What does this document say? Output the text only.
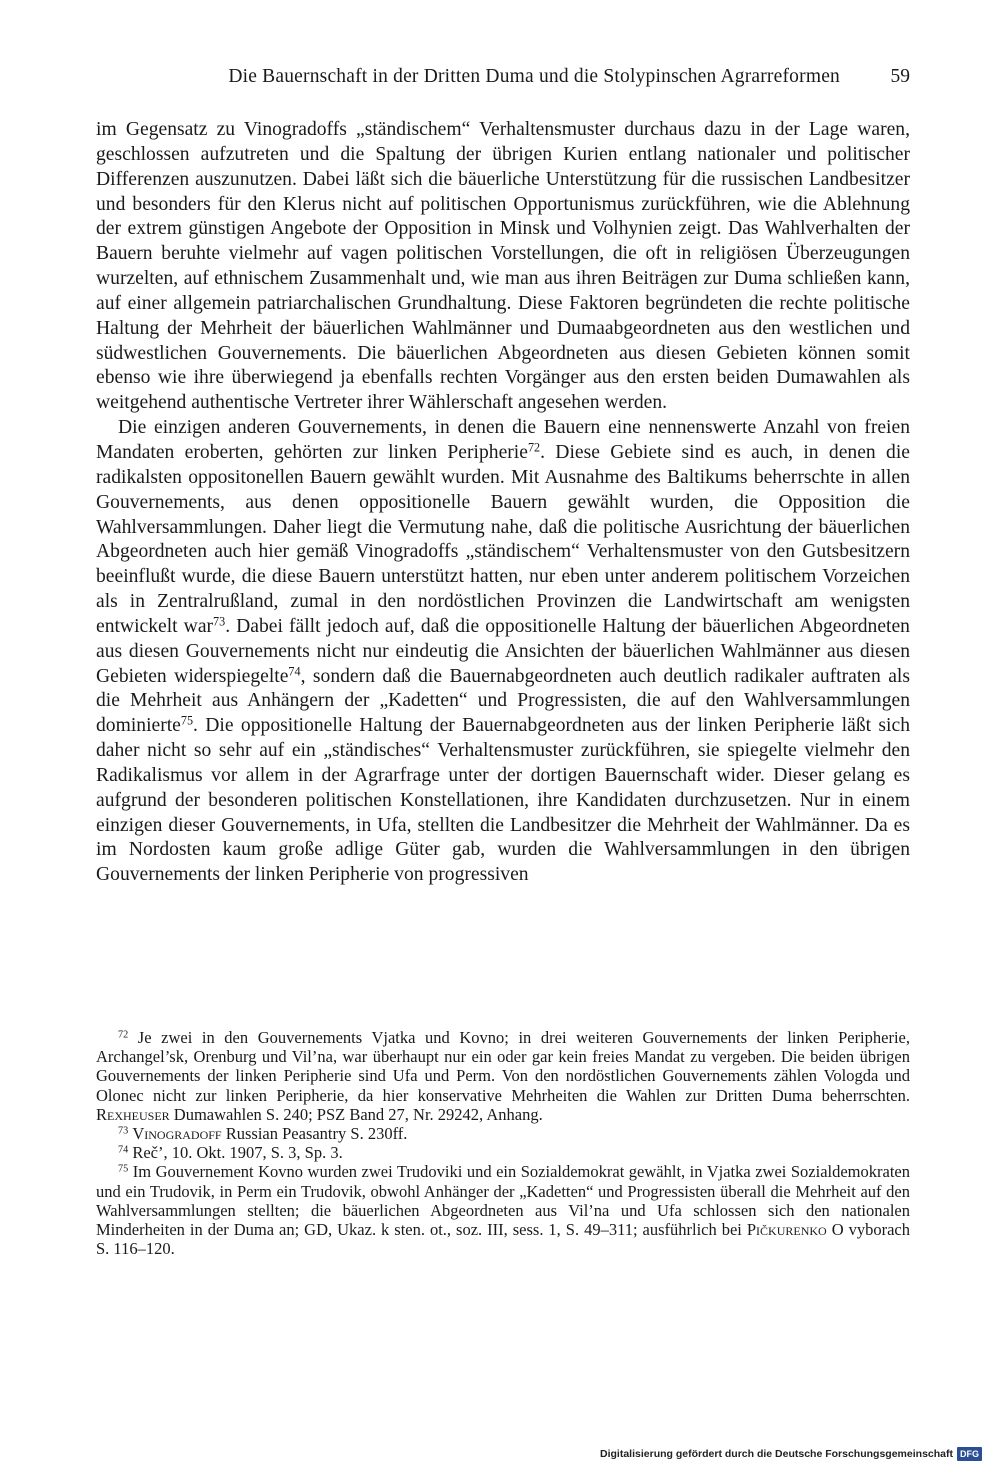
Die Bauernschaft in der Dritten Duma und die Stolypinschen Agrarreformen	59

im Gegensatz zu Vinogradoffs „ständischem“ Verhaltensmuster durchaus dazu in der Lage waren, geschlossen aufzutreten und die Spaltung der übrigen Kurien entlang nationaler und politischer Differenzen auszunutzen. Dabei läßt sich die bäuerliche Unterstützung für die russischen Landbesitzer und besonders für den Klerus nicht auf politischen Opportunismus zurückführen, wie die Ablehnung der extrem günstigen Angebote der Opposition in Minsk und Volhynien zeigt. Das Wahlverhalten der Bauern beruhte vielmehr auf vagen politischen Vorstellungen, die oft in religiösen Überzeugungen wurzelten, auf ethnischem Zusammenhalt und, wie man aus ihren Beiträgen zur Duma schließen kann, auf einer allgemein patriarchalischen Grundhaltung. Diese Faktoren begründeten die rechte politische Haltung der Mehrheit der bäuerlichen Wahlmänner und Dumaabgeordneten aus den westlichen und südwestlichen Gouvernements. Die bäuerlichen Abgeordneten aus diesen Gebieten können somit ebenso wie ihre überwiegend ja ebenfalls rechten Vorgänger aus den ersten beiden Dumawahlen als weitgehend authentische Vertreter ihrer Wählerschaft angesehen werden.

Die einzigen anderen Gouvernements, in denen die Bauern eine nennenswerte Anzahl von freien Mandaten eroberten, gehörten zur linken Peripherie$^{72}$. Diese Gebiete sind es auch, in denen die radikalsten oppositonellen Bauern gewählt wurden. Mit Ausnahme des Baltikums beherrschte in allen Gouvernements, aus denen oppositionelle Bauern gewählt wurden, die Opposition die Wahlversammlungen. Daher liegt die Vermutung nahe, daß die politische Ausrichtung der bäuerlichen Abgeordneten auch hier gemäß Vinogradoffs „ständischem“ Verhaltensmuster von den Gutsbesitzern beeinflußt wurde, die diese Bauern unterstützt hatten, nur eben unter anderem politischem Vorzeichen als in Zentralrußland, zumal in den nordöstlichen Provinzen die Landwirtschaft am wenigsten entwickelt war$^{73}$. Dabei fällt jedoch auf, daß die oppositionelle Haltung der bäuerlichen Abgeordneten aus diesen Gouvernements nicht nur eindeutig die Ansichten der bäuerlichen Wahlmänner aus diesen Gebieten widerspiegelte$^{74}$, sondern daß die Bauernabgeordneten auch deutlich radikaler auftraten als die Mehrheit aus Anhängern der „Kadetten“ und Progressisten, die auf den Wahlversammlungen dominierte$^{75}$. Die oppositionelle Haltung der Bauernabgeordneten aus der linken Peripherie läßt sich daher nicht so sehr auf ein „ständisches“ Verhaltensmuster zurückführen, sie spiegelte vielmehr den Radikalismus vor allem in der Agrarfrage unter der dortigen Bauernschaft wider. Dieser gelang es aufgrund der besonderen politischen Konstellationen, ihre Kandidaten durchzusetzen. Nur in einem einzigen dieser Gouvernements, in Ufa, stellten die Landbesitzer die Mehrheit der Wahlmänner. Da es im Nordosten kaum große adlige Güter gab, wurden die Wahlversammlungen in den übrigen Gouvernements der linken Peripherie von progressiven

$^{72}$ Je zwei in den Gouvernements Vjatka und Kovno; in drei weiteren Gouvernements der linken Peripherie, Archangel’sk, Orenburg und Vil’na, war überhaupt nur ein oder gar kein freies Mandat zu vergeben. Die beiden übrigen Gouvernements der linken Peripherie sind Ufa und Perm. Von den nordöstlichen Gouvernements zählen Vologda und Olonec nicht zur linken Peripherie, da hier konservative Mehrheiten die Wahlen zur Dritten Duma beherrschten. Rexheuser Dumawahlen S. 240; PSZ Band 27, Nr. 29242, Anhang.

$^{73}$ Vinogradoff Russian Peasantry S. 230ff.

$^{74}$ Reč’, 10. Okt. 1907, S. 3, Sp. 3.

$^{75}$ Im Gouvernement Kovno wurden zwei Trudoviki und ein Sozialdemokrat gewählt, in Vjatka zwei Sozialdemokraten und ein Trudovik, in Perm ein Trudovik, obwohl Anhänger der „Kadetten“ und Progressisten überall die Mehrheit auf den Wahlversammlungen stellten; die bäuerlichen Abgeordneten aus Vil’na und Ufa schlossen sich den nationalen Minderheiten in der Duma an; GD, Ukaz. k sten. ot., soz. III, sess. 1, S. 49–311; ausführlich bei Pičkurenko O vyborach S. 116–120.

Digitalisierung gefördert durch die Deutsche Forschungsgemeinschaft DFG
